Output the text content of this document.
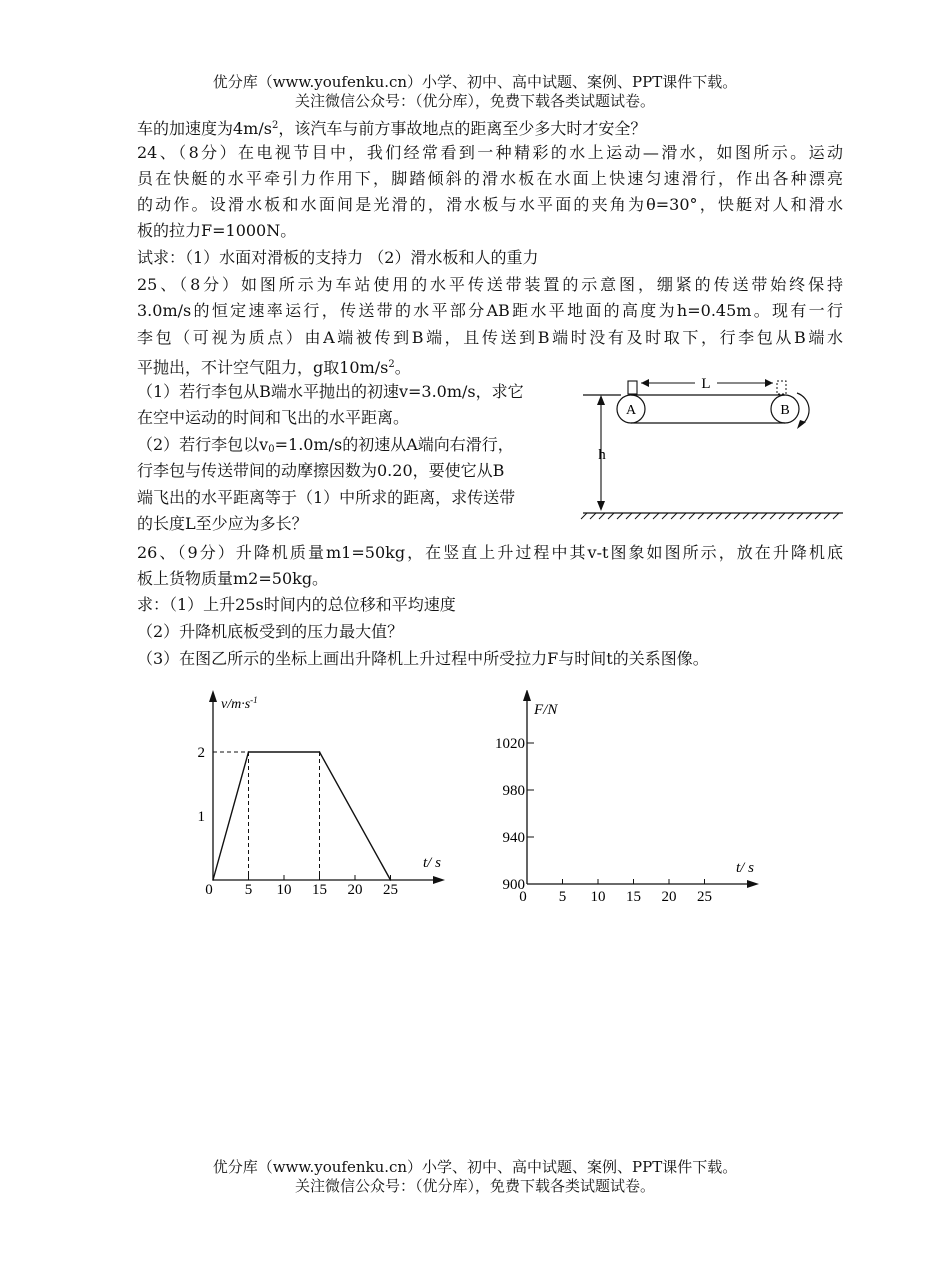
优分库（www.youfenku.cn）小学、初中、高中试题、案例、PPT课件下载。
关注微信公众号：（优分库），免费下载各类试题试卷。
车的加速度为$4m/s^2$，该汽车与前方事故地点的距离至少多大时才安全？
24、（8分）在电视节目中，我们经常看到一种精彩的水上运动—滑水，如图所示。运动
员在快艇的水平牵引力作用下，脚踏倾斜的滑水板在水面上快速匀速滑行，作出各种漂亮
的动作。设滑水板和水面间是光滑的，滑水板与水平面的夹角为θ=30°，快艇对人和滑水
板的拉力F=1000N。
试求：（1）水面对滑板的支持力 （2）滑水板和人的重力
25、（8分）如图所示为车站使用的水平传送带装置的示意图，绷紧的传送带始终保持
3.0m/s的恒定速率运行，传送带的水平部分AB距水平地面的高度为h=0.45m。现有一行
李包（可视为质点）由A端被传到B端，且传送到B端时没有及时取下，行李包从B端水
平抛出，不计空气阻力，g取$10m/s^2$。
（1）若行李包从B端水平抛出的初速v=3.0m/s，求它
在空中运动的时间和飞出的水平距离。
（2）若行李包以$v_0=1.0m/s$的初速从A端向右滑行，
行李包与传送带间的动摩擦因数为0.20，要使它从B
端飞出的水平距离等于（1）中所求的距离，求传送带
的长度L至少应为多长？
A	B
L
h
26、（9分）升降机质量m1=50kg，在竖直上升过程中其v-t图象如图所示，放在升降机底
板上货物质量m2=50kg。
求：（1）上升25s时间内的总位移和平均速度
（2）升降机底板受到的压力最大值？
（3）在图乙所示的坐标上画出升降机上升过程中所受拉力F与时间t的关系图像。
$v/m\cdot s^{-1}$
t/ s
0 5 10 15 20 25
1
2
F/N
t/ s
0 5 10 15 20 25
900
940
980
1020
优分库（www.youfenku.cn）小学、初中、高中试题、案例、PPT课件下载。
关注微信公众号：（优分库），免费下载各类试题试卷。
